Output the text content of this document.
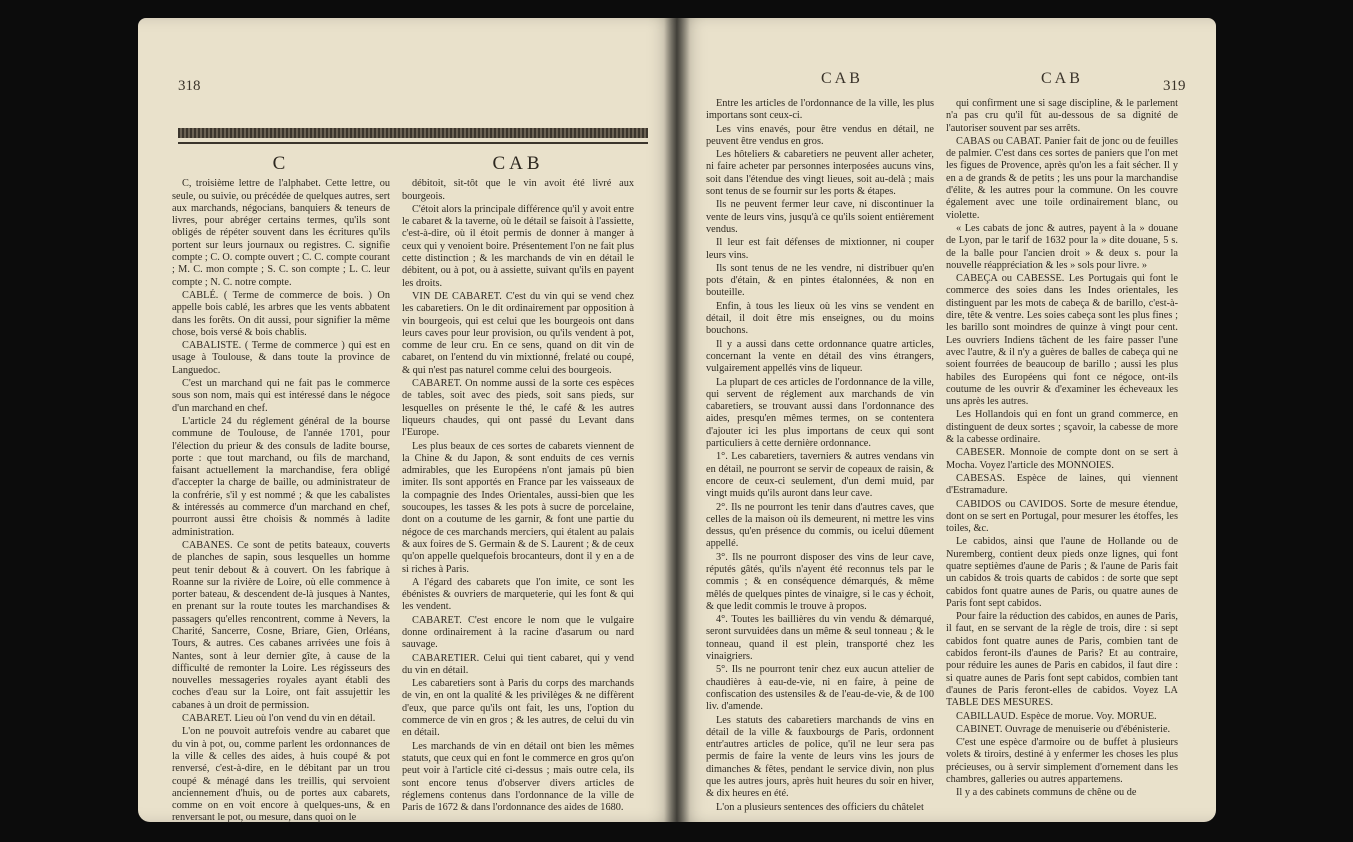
318

C

C, troisième lettre de l'alphabet. Cette lettre, ou seule, ou suivie, ou précédée de quelques autres, sert aux marchands, négocians, banquiers & teneurs de livres, pour abréger certains termes, qu'ils sont obligés de répéter souvent dans les écritures qu'ils portent sur leurs journaux ou registres. C. signifie compte ; C. O. compte ouvert ; C. C. compte courant ; M. C. mon compte ; S. C. son compte ; L. C. leur compte ; N. C. notre compte.

CABLÉ. ( Terme de commerce de bois. ) On appelle bois cablé, les arbres que les vents abbatent dans les forêts. On dit aussi, pour signifier la même chose, bois versé & bois chablis.

CABALISTE. ( Terme de commerce ) qui est en usage à Toulouse, & dans toute la province de Languedoc.

C'est un marchand qui ne fait pas le commerce sous son nom, mais qui est intéressé dans le négoce d'un marchand en chef.

L'article 24 du réglement général de la bourse commune de Toulouse, de l'année 1701, pour l'élection du prieur & des consuls de ladite bourse, porte : que tout marchand, ou fils de marchand, faisant actuellement la marchandise, fera obligé d'accepter la charge de baille, ou administrateur de la confrérie, s'il y est nommé ; & que les cabalistes & intéressés au commerce d'un marchand en chef, pourront aussi être choisis & nommés à ladite administration.

CABANES. Ce sont de petits bateaux, couverts de planches de sapin, sous lesquelles un homme peut tenir debout & à couvert. On les fabrique à Roanne sur la rivière de Loire, où elle commence à porter bateau, & descendent de-là jusques à Nantes, en prenant sur la route toutes les marchandises & passagers qu'elles rencontrent, comme à Nevers, la Charité, Sancerre, Cosne, Briare, Gien, Orléans, Tours, & autres. Ces cabanes arrivées une fois à Nantes, sont à leur dernier gîte, à cause de la difficulté de remonter la Loire. Les régisseurs des nouvelles messageries royales ayant établi des coches d'eau sur la Loire, ont fait assujettir les cabanes à un droit de permission.

CABARET. Lieu où l'on vend du vin en détail.

L'on ne pouvoit autrefois vendre au cabaret que du vin à pot, ou, comme parlent les ordonnances de la ville & celles des aides, à huis coupé & pot renversé, c'est-à-dire, en le débitant par un trou coupé & ménagé dans les treillis, qui servoient anciennement d'huis, ou de portes aux cabarets, comme on en voit encore à quelques-uns, & en renversant le pot, ou mesure, dans quoi on le

CAB

débitoit, sit-tôt que le vin avoit été livré aux bourgeois.

C'étoit alors la principale différence qu'il y avoit entre le cabaret & la taverne, où le détail se faisoit à l'assiette, c'est-à-dire, où il étoit permis de donner à manger à ceux qui y venoient boire. Présentement l'on ne fait plus cette distinction ; & les marchands de vin en détail le débitent, ou à pot, ou à assiette, suivant qu'ils en payent les droits.

VIN DE CABARET. C'est du vin qui se vend chez les cabaretiers. On le dit ordinairement par opposition à vin bourgeois, qui est celui que les bourgeois ont dans leurs caves pour leur provision, ou qu'ils vendent à pot, comme de leur cru. En ce sens, quand on dit vin de cabaret, on l'entend du vin mixtionné, frelaté ou coupé, & qui n'est pas naturel comme celui des bourgeois.

CABARET. On nomme aussi de la sorte ces espèces de tables, soit avec des pieds, soit sans pieds, sur lesquelles on présente le thé, le café & les autres liqueurs chaudes, qui ont passé du Levant dans l'Europe.

Les plus beaux de ces sortes de cabarets viennent de la Chine & du Japon, & sont enduits de ces vernis admirables, que les Européens n'ont jamais pû bien imiter. Ils sont apportés en France par les vaisseaux de la compagnie des Indes Orientales, aussi-bien que les soucoupes, les tasses & les pots à sucre de porcelaine, dont on a coutume de les garnir, & font une partie du négoce de ces marchands merciers, qui étalent au palais & aux foires de S. Germain & de S. Laurent ; & de ceux qu'on appelle quelquefois brocanteurs, dont il y en a de si riches à Paris.

A l'égard des cabarets que l'on imite, ce sont les ébénistes & ouvriers de marqueterie, qui les font & qui les vendent.

CABARET. C'est encore le nom que le vulgaire donne ordinairement à la racine d'asarum ou nard sauvage.

CABARETIER. Celui qui tient cabaret, qui y vend du vin en détail.

Les cabaretiers sont à Paris du corps des marchands de vin, en ont la qualité & les privilèges & ne diffèrent d'eux, que parce qu'ils ont fait, les uns, l'option du commerce de vin en gros ; & les autres, de celui du vin en détail.

Les marchands de vin en détail ont bien les mêmes statuts, que ceux qui en font le commerce en gros qu'on peut voir à l'article cité ci-dessus ; mais outre cela, ils sont encore tenus d'observer divers articles de réglemens contenus dans l'ordonnance de la ville de Paris de 1672 & dans l'ordonnance des aides de 1680.

CAB	CAB	319

Entre les articles de l'ordonnance de la ville, les plus importans sont ceux-ci.

Les vins enavés, pour être vendus en détail, ne peuvent être vendus en gros.

Les hôteliers & cabaretiers ne peuvent aller acheter, ni faire acheter par personnes interposées aucuns vins, soit dans l'étendue des vingt lieues, soit au-delà ; mais sont tenus de se fournir sur les ports & étapes.

Ils ne peuvent fermer leur cave, ni discontinuer la vente de leurs vins, jusqu'à ce qu'ils soient entièrement vendus.

Il leur est fait défenses de mixtionner, ni couper leurs vins.

Ils sont tenus de ne les vendre, ni distribuer qu'en pots d'étain, & en pintes étalonnées, & non en bouteille.

Enfin, à tous les lieux où les vins se vendent en détail, il doit être mis enseignes, ou du moins bouchons.

Il y a aussi dans cette ordonnance quatre articles, concernant la vente en détail des vins étrangers, vulgairement appellés vins de liqueur.

La plupart de ces articles de l'ordonnance de la ville, qui servent de réglement aux marchands de vin cabaretiers, se trouvant aussi dans l'ordonnance des aides, presqu'en mêmes termes, on se contentera d'ajouter ici les plus importans de ceux qui sont particuliers à cette dernière ordonnance.

1°. Les cabaretiers, taverniers & autres vendans vin en détail, ne pourront se servir de copeaux de raisin, & encore de ceux-ci seulement, d'un demi muid, par vingt muids qu'ils auront dans leur cave.

2°. Ils ne pourront les tenir dans d'autres caves, que celles de la maison où ils demeurent, ni mettre les vins dessus, qu'en présence du commis, ou icelui dûement appellé.

3°. Ils ne pourront disposer des vins de leur cave, réputés gâtés, qu'ils n'ayent été reconnus tels par le commis ; & en conséquence démarqués, & même mêlés de quelques pintes de vinaigre, si le cas y échoit, & que ledit commis le trouve à propos.

4°. Toutes les baillières du vin vendu & démarqué, seront survuidées dans un même & seul tonneau ; & le tonneau, quand il est plein, transporté chez les vinaigriers.

5°. Ils ne pourront tenir chez eux aucun attelier de chaudières à eau-de-vie, ni en faire, à peine de confiscation des ustensiles & de l'eau-de-vie, & de 100 liv. d'amende.

Les statuts des cabaretiers marchands de vins en détail de la ville & fauxbourgs de Paris, ordonnent entr'autres articles de police, qu'il ne leur sera pas permis de faire la vente de leurs vins les jours de dimanches & fêtes, pendant le service divin, non plus que les autres jours, après huit heures du soir en hiver, & dix heures en été.

L'on a plusieurs sentences des officiers du châtelet

qui confirment une si sage discipline, & le parlement n'a pas cru qu'il fût au-dessous de sa dignité de l'autoriser souvent par ses arrêts.

CABAS ou CABAT. Panier fait de jonc ou de feuilles de palmier. C'est dans ces sortes de paniers que l'on met les figues de Provence, après qu'on les a fait sécher. Il y en a de grands & de petits ; les uns pour la marchandise d'élite, & les autres pour la commune. On les couvre également avec une toile ordinairement blanc, ou violette.

« Les cabats de jonc & autres, payent à la » douane de Lyon, par le tarif de 1632 pour la » dite douane, 5 s. de la balle pour l'ancien droit » & deux s. pour la nouvelle réappréciation & les » sols pour livre. »

CABEÇA ou CABESSE. Les Portugais qui font le commerce des soies dans les Indes orientales, les distinguent par les mots de cabeça & de barillo, c'est-à-dire, tête & ventre. Les soies cabeça sont les plus fines ; les barillo sont moindres de quinze à vingt pour cent. Les ouvriers Indiens tâchent de les faire passer l'une avec l'autre, & il n'y a guères de balles de cabeça qui ne soient fourrées de beaucoup de barillo ; aussi les plus habiles des Européens qui font ce négoce, ont-ils coutume de les ouvrir & d'examiner les écheveaux les uns après les autres.

Les Hollandois qui en font un grand commerce, en distinguent de deux sortes ; sçavoir, la cabesse de more & la cabesse ordinaire.

CABESER. Monnoie de compte dont on se sert à Mocha. Voyez l'article des MONNOIES.

CABESAS. Espèce de laines, qui viennent d'Estramadure.

CABIDOS ou CAVIDOS. Sorte de mesure étendue, dont on se sert en Portugal, pour mesurer les étoffes, les toiles, &c.

Le cabidos, ainsi que l'aune de Hollande ou de Nuremberg, contient deux pieds onze lignes, qui font quatre septièmes d'aune de Paris ; & l'aune de Paris fait un cabidos & trois quarts de cabidos : de sorte que sept cabidos font quatre aunes de Paris, ou quatre aunes de Paris font sept cabidos.

Pour faire la réduction des cabidos, en aunes de Paris, il faut, en se servant de la règle de trois, dire : si sept cabidos font quatre aunes de Paris, combien tant de cabidos feront-ils d'aunes de Paris? Et au contraire, pour réduire les aunes de Paris en cabidos, il faut dire : si quatre aunes de Paris font sept cabidos, combien tant d'aunes de Paris feront-elles de cabidos. Voyez LA TABLE DES MESURES.

CABILLAUD. Espèce de morue. Voy. MORUE.

CABINET. Ouvrage de menuiserie ou d'ébénisterie.

C'est une espèce d'armoire ou de buffet à plusieurs volets & tiroirs, destiné à y enfermer les choses les plus précieuses, ou à servir simplement d'ornement dans les chambres, galleries ou autres appartemens.

Il y a des cabinets communs de chêne ou de
